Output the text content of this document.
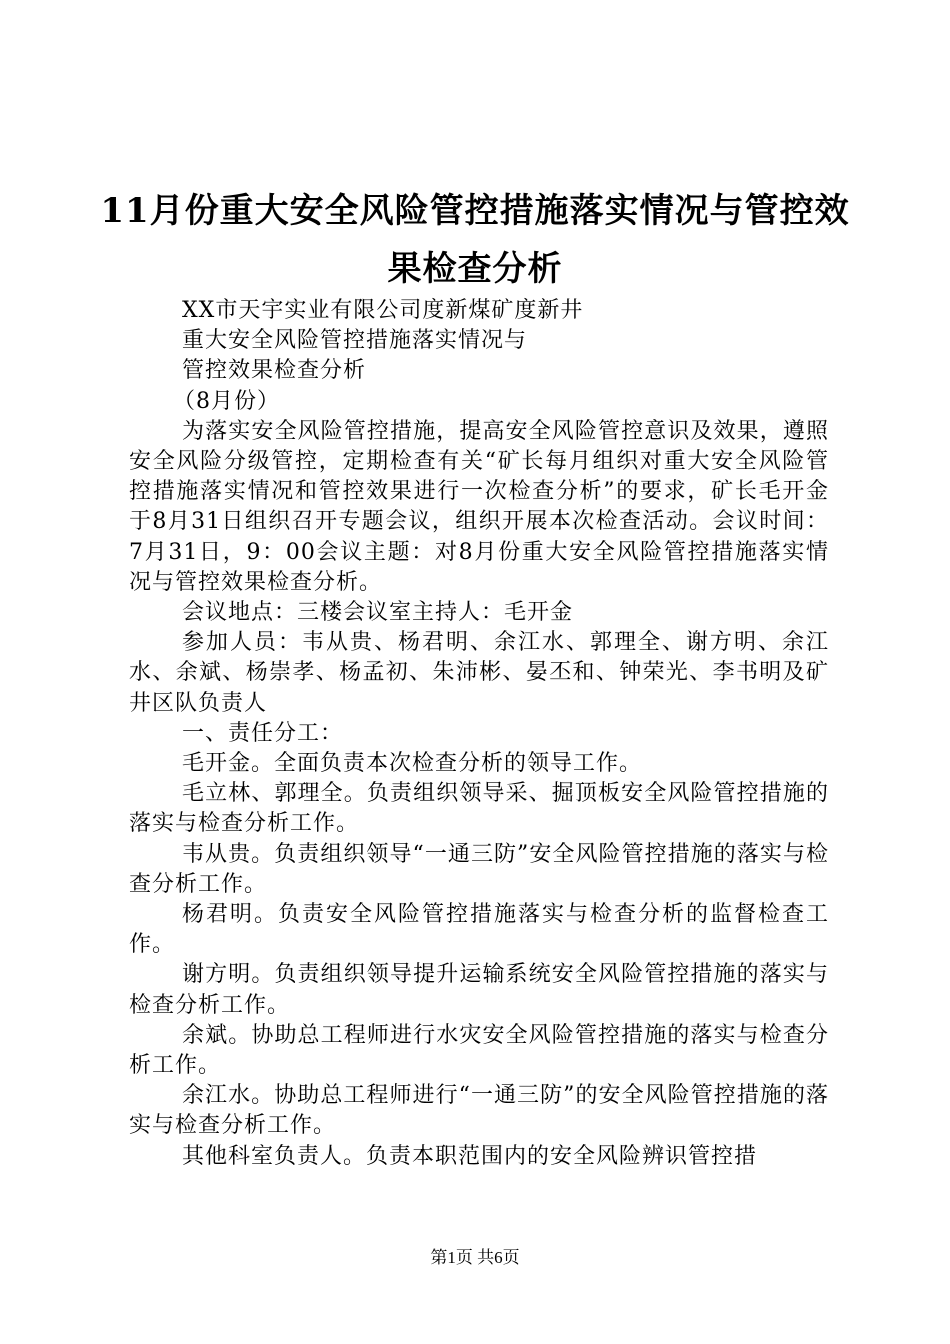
11月份重大安全风险管控措施落实情况与管控效果检查分析

XX市天宇实业有限公司度新煤矿度新井

重大安全风险管控措施落实情况与

管控效果检查分析

（8月份）

为落实安全风险管控措施，提高安全风险管控意识及效果，遵照安全风险分级管控，定期检查有关“矿长每月组织对重大安全风险管控措施落实情况和管控效果进行一次检查分析”的要求，矿长毛开金于8月31日组织召开专题会议，组织开展本次检查活动。会议时间：7月31日，9：00会议主题：对8月份重大安全风险管控措施落实情况与管控效果检查分析。

会议地点：三楼会议室主持人：毛开金

参加人员：韦从贵、杨君明、余江水、郭理全、谢方明、余江水、余斌、杨崇孝、杨孟初、朱沛彬、晏丕和、钟荣光、李书明及矿井区队负责人

一、责任分工：

毛开金。全面负责本次检查分析的领导工作。

毛立林、郭理全。负责组织领导采、掘顶板安全风险管控措施的落实与检查分析工作。

韦从贵。负责组织领导“一通三防”安全风险管控措施的落实与检查分析工作。

杨君明。负责安全风险管控措施落实与检查分析的监督检查工作。

谢方明。负责组织领导提升运输系统安全风险管控措施的落实与检查分析工作。

余斌。协助总工程师进行水灾安全风险管控措施的落实与检查分析工作。

余江水。协助总工程师进行“一通三防”的安全风险管控措施的落实与检查分析工作。

其他科室负责人。负责本职范围内的安全风险辨识管控措

第1页 共6页
